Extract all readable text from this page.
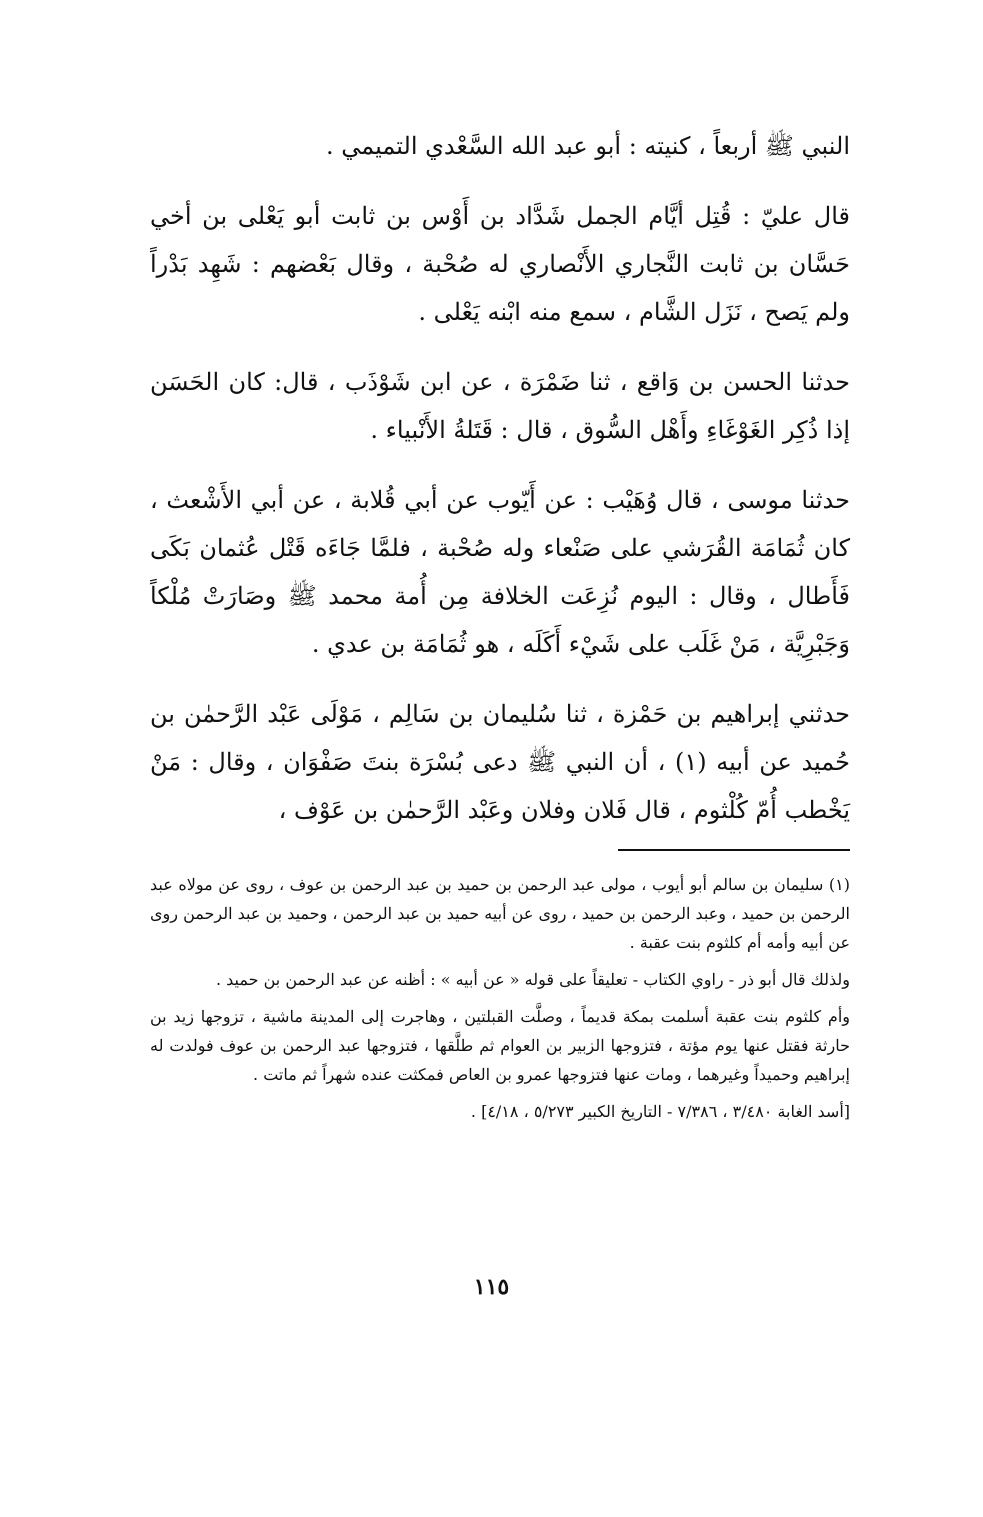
النبي ﷺ أربعاً ، كنيته : أبو عبد الله السَّعْدي التميمي .

قال عليّ : قُتِل أيَّام الجمل شَدَّاد بن أَوْس بن ثابت أبو يَعْلى بن أخي حَسَّان بن ثابت النَّجاري الأَنْصاري له صُحْبة ، وقال بَعْضهم : شَهِد بَدْراً ولم يَصح ، نَزَل الشَّام ، سمع منه ابْنه يَعْلى .

حدثنا الحسن بن وَاقع ، ثنا ضَمْرَة ، عن ابن شَوْذَب ، قال: كان الحَسَن إذا ذُكِر الغَوْغَاءِ وأَهْل السُّوق ، قال : قَتَلةُ الأَنْبياء .

حدثنا موسى ، قال وُهَيْب : عن أَيّوب عن أبي قُلابة ، عن أبي الأَشْعث ، كان ثُمَامَة القُرَشي على صَنْعاء وله صُحْبة ، فلمَّا جَاءَه قَتْل عُثمان بَكَى فَأَطال ، وقال : اليوم نُزِعَت الخلافة مِن أُمة محمد ﷺ وصَارَتْ مُلْكاً وَجَبْرِيَّة ، مَنْ غَلَب على شَيْء أَكَلَه ، هو ثُمَامَة بن عدي .

حدثني إبراهيم بن حَمْزة ، ثنا سُليمان بن سَالِم ، مَوْلَى عَبْد الرَّحمٰن بن حُميد عن أبيه (١) ، أن النبي ﷺ دعى بُسْرَة بنتَ صَفْوَان ، وقال : مَنْ يَخْطب أُمّ كُلْثوم ، قال فَلان وفلان وعَبْد الرَّحمٰن بن عَوْف ،

(١) سليمان بن سالم أبو أيوب ، مولى عبد الرحمن بن حميد بن عبد الرحمن بن عوف ، روى عن مولاه عبد الرحمن بن حميد ، وعبد الرحمن بن حميد ، روى عن أبيه حميد بن عبد الرحمن ، وحميد بن عبد الرحمن روى عن أبيه وأمه أم كلثوم بنت عقبة .

ولذلك قال أبو ذر - راوي الكتاب - تعليقاً على قوله « عن أبيه » : أظنه عن عبد الرحمن بن حميد .

وأم كلثوم بنت عقبة أسلمت بمكة قديماً ، وصلَّت القبلتين ، وهاجرت إلى المدينة ماشية ، تزوجها زيد بن حارثة فقتل عنها يوم مؤتة ، فتزوجها الزبير بن العوام ثم طلَّقها ، فتزوجها عبد الرحمن بن عوف فولدت له إبراهيم وحميداً وغيرهما ، ومات عنها فتزوجها عمرو بن العاص فمكثت عنده شهراً ثم ماتت .

[أسد الغابة ٣/٤٨٠ ، ٧/٣٨٦ - التاريخ الكبير ٥/٢٧٣ ، ٤/١٨] .

١١٥
